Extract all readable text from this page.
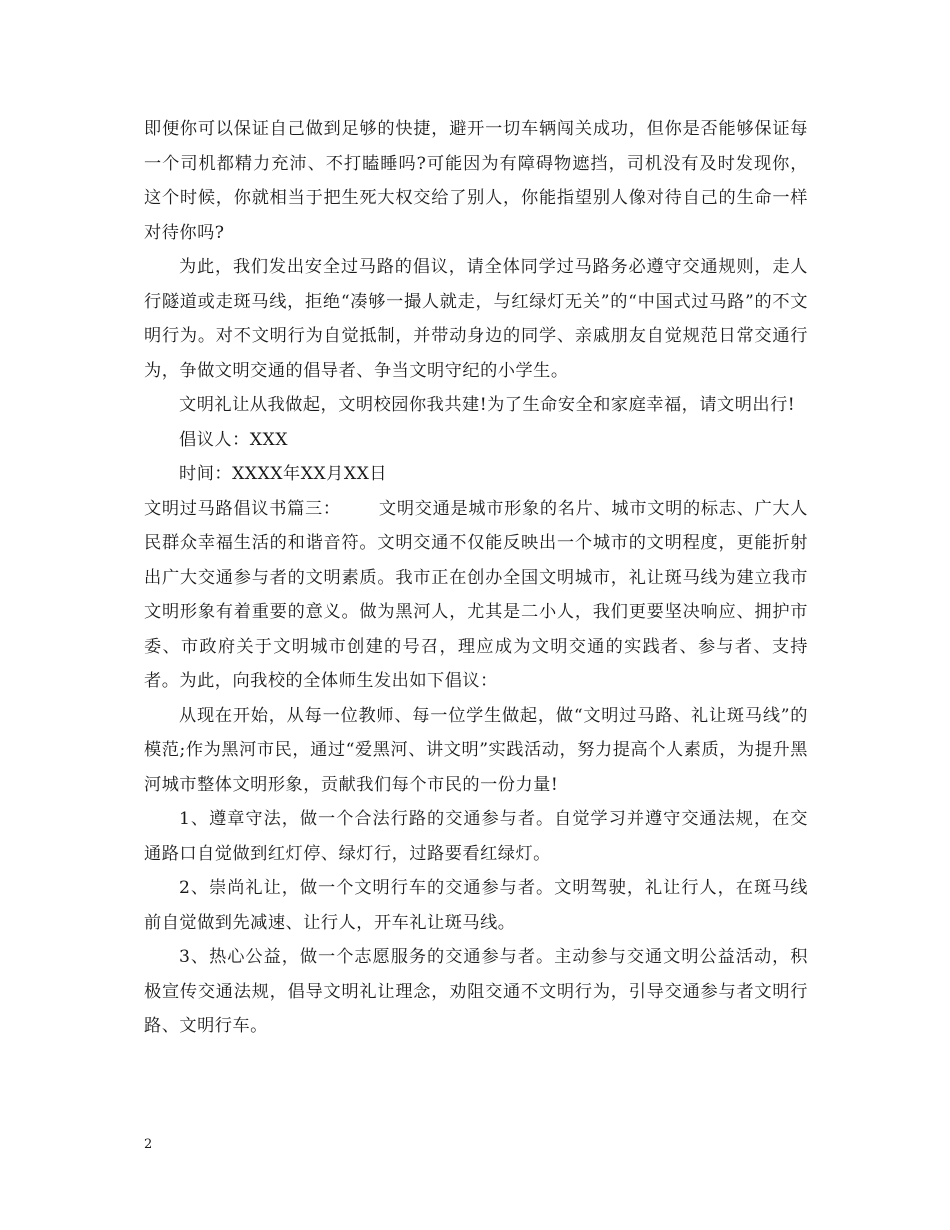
即便你可以保证自己做到足够的快捷，避开一切车辆闯关成功，但你是否能够保证每一个司机都精力充沛、不打瞌睡吗?可能因为有障碍物遮挡，司机没有及时发现你，这个时候，你就相当于把生死大权交给了别人，你能指望别人像对待自己的生命一样对待你吗?

为此，我们发出安全过马路的倡议，请全体同学过马路务必遵守交通规则，走人行隧道或走斑马线，拒绝“凑够一撮人就走，与红绿灯无关”的“中国式过马路”的不文明行为。对不文明行为自觉抵制，并带动身边的同学、亲戚朋友自觉规范日常交通行为，争做文明交通的倡导者、争当文明守纪的小学生。

文明礼让从我做起，文明校园你我共建!为了生命安全和家庭幸福，请文明出行!

倡议人：XXX

时间：XXXX年XX月XX日

文明过马路倡议书篇三： 文明交通是城市形象的名片、城市文明的标志、广大人民群众幸福生活的和谐音符。文明交通不仅能反映出一个城市的文明程度，更能折射出广大交通参与者的文明素质。我市正在创办全国文明城市，礼让斑马线为建立我市文明形象有着重要的意义。做为黑河人，尤其是二小人，我们更要坚决响应、拥护市委、市政府关于文明城市创建的号召，理应成为文明交通的实践者、参与者、支持者。为此，向我校的全体师生发出如下倡议：

从现在开始，从每一位教师、每一位学生做起，做“文明过马路、礼让斑马线”的模范;作为黑河市民，通过“爱黑河、讲文明”实践活动，努力提高个人素质，为提升黑河城市整体文明形象，贡献我们每个市民的一份力量!

1、遵章守法，做一个合法行路的交通参与者。自觉学习并遵守交通法规，在交通路口自觉做到红灯停、绿灯行，过路要看红绿灯。

2、崇尚礼让，做一个文明行车的交通参与者。文明驾驶，礼让行人，在斑马线前自觉做到先减速、让行人，开车礼让斑马线。

3、热心公益，做一个志愿服务的交通参与者。主动参与交通文明公益活动，积极宣传交通法规，倡导文明礼让理念，劝阻交通不文明行为，引导交通参与者文明行路、文明行车。

2
